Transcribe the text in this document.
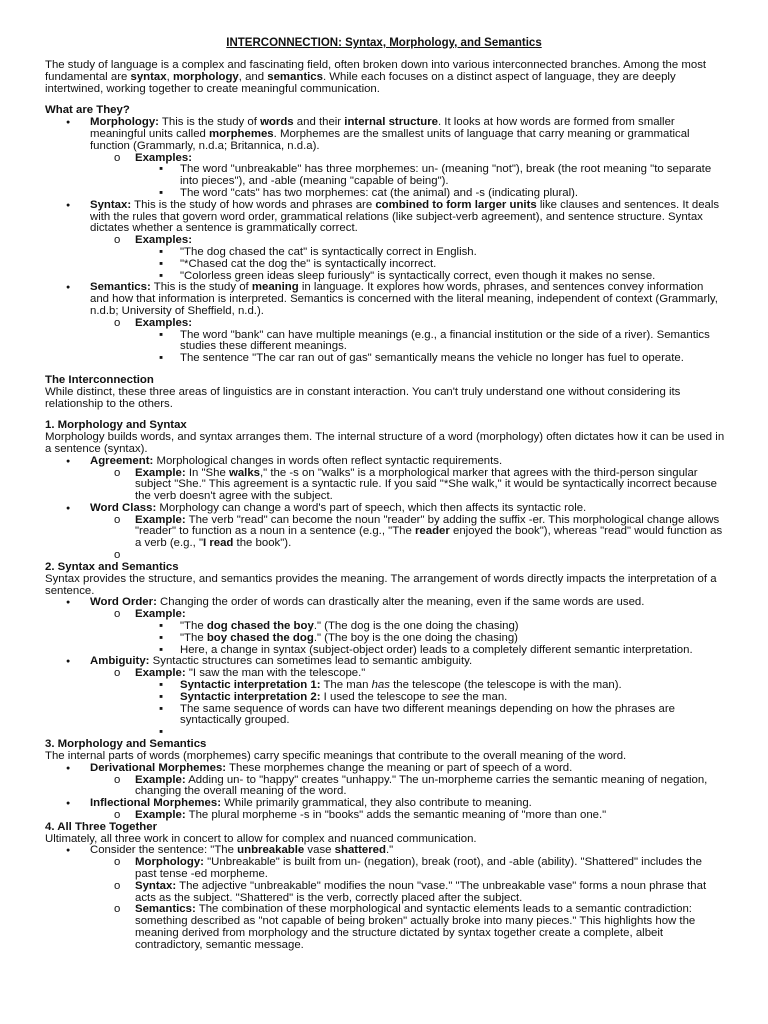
INTERCONNECTION: Syntax, Morphology, and Semantics

The study of language is a complex and fascinating field, often broken down into various interconnected branches. Among the most fundamental are syntax, morphology, and semantics. While each focuses on a distinct aspect of language, they are deeply intertwined, working together to create meaningful communication.

What are They?

● Morphology: This is the study of words and their internal structure. It looks at how words are formed from smaller meaningful units called morphemes. Morphemes are the smallest units of language that carry meaning or grammatical function (Grammarly, n.d.a; Britannica, n.d.a).
o Examples:
▪ The word "unbreakable" has three morphemes: un- (meaning "not"), break (the root meaning "to separate into pieces"), and -able (meaning "capable of being").
▪ The word "cats" has two morphemes: cat (the animal) and -s (indicating plural).
● Syntax: This is the study of how words and phrases are combined to form larger units like clauses and sentences. It deals with the rules that govern word order, grammatical relations (like subject-verb agreement), and sentence structure. Syntax dictates whether a sentence is grammatically correct.
o Examples:
▪ "The dog chased the cat" is syntactically correct in English.
▪ "*Chased cat the dog the" is syntactically incorrect.
▪ "Colorless green ideas sleep furiously" is syntactically correct, even though it makes no sense.
● Semantics: This is the study of meaning in language. It explores how words, phrases, and sentences convey information and how that information is interpreted. Semantics is concerned with the literal meaning, independent of context (Grammarly, n.d.b; University of Sheffield, n.d.).
o Examples:
▪ The word "bank" can have multiple meanings (e.g., a financial institution or the side of a river). Semantics studies these different meanings.
▪ The sentence "The car ran out of gas" semantically means the vehicle no longer has fuel to operate.

The Interconnection

While distinct, these three areas of linguistics are in constant interaction. You can't truly understand one without considering its relationship to the others.

1. Morphology and Syntax

Morphology builds words, and syntax arranges them. The internal structure of a word (morphology) often dictates how it can be used in a sentence (syntax).

● Agreement: Morphological changes in words often reflect syntactic requirements.
o Example: In "She walks," the -s on "walks" is a morphological marker that agrees with the third-person singular subject "She." This agreement is a syntactic rule. If you said "*She walk," it would be syntactically incorrect because the verb doesn't agree with the subject.
● Word Class: Morphology can change a word's part of speech, which then affects its syntactic role.
o Example: The verb "read" can become the noun "reader" by adding the suffix -er. This morphological change allows "reader" to function as a noun in a sentence (e.g., "The reader enjoyed the book"), whereas "read" would function as a verb (e.g., "I read the book").
o

2. Syntax and Semantics

Syntax provides the structure, and semantics provides the meaning. The arrangement of words directly impacts the interpretation of a sentence.

● Word Order: Changing the order of words can drastically alter the meaning, even if the same words are used.
o Example:
▪ "The dog chased the boy." (The dog is the one doing the chasing)
▪ "The boy chased the dog." (The boy is the one doing the chasing)
▪ Here, a change in syntax (subject-object order) leads to a completely different semantic interpretation.
● Ambiguity: Syntactic structures can sometimes lead to semantic ambiguity.
o Example: "I saw the man with the telescope."
▪ Syntactic interpretation 1: The man has the telescope (the telescope is with the man).
▪ Syntactic interpretation 2: I used the telescope to see the man.
▪ The same sequence of words can have two different meanings depending on how the phrases are syntactically grouped.
▪

3. Morphology and Semantics

The internal parts of words (morphemes) carry specific meanings that contribute to the overall meaning of the word.

● Derivational Morphemes: These morphemes change the meaning or part of speech of a word.
o Example: Adding un- to "happy" creates "unhappy." The un-morpheme carries the semantic meaning of negation, changing the overall meaning of the word.
● Inflectional Morphemes: While primarily grammatical, they also contribute to meaning.
o Example: The plural morpheme -s in "books" adds the semantic meaning of "more than one."

4. All Three Together

Ultimately, all three work in concert to allow for complex and nuanced communication.

● Consider the sentence: "The unbreakable vase shattered."
o Morphology: "Unbreakable" is built from un- (negation), break (root), and -able (ability). "Shattered" includes the past tense -ed morpheme.
o Syntax: The adjective "unbreakable" modifies the noun "vase." "The unbreakable vase" forms a noun phrase that acts as the subject. "Shattered" is the verb, correctly placed after the subject.
o Semantics: The combination of these morphological and syntactic elements leads to a semantic contradiction: something described as "not capable of being broken" actually broke into many pieces." This highlights how the meaning derived from morphology and the structure dictated by syntax together create a complete, albeit contradictory, semantic message.
